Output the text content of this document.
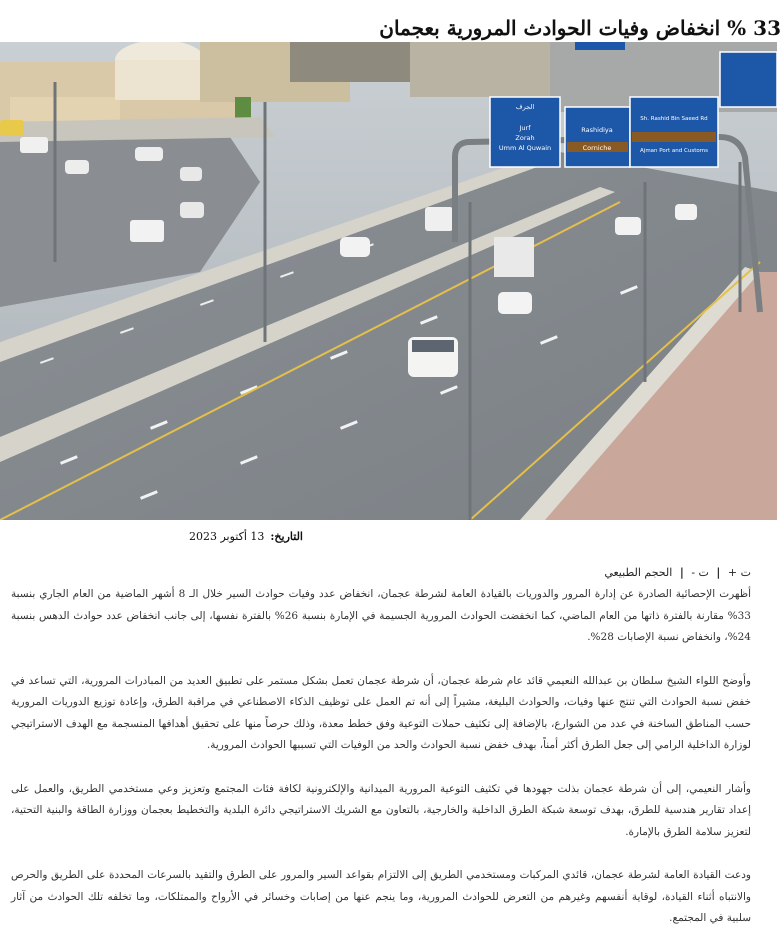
33 % انخفاض وفيات الحوادث المرورية بعجمان
الجرف
Jurf
Zorah
Umm Al Quwain
Rashidiya
Corniche
Sh. Rashid Bin Saeed Rd
Ajman Port and Customs
التاريخ:13 أكتوبر 2023
ت + | ت - | الحجم الطبيعي

أظهرت الإحصائية الصادرة عن إدارة المرور والدوريات بالقيادة العامة لشرطة عجمان، انخفاض عدد وفيات حوادث السير خلال الـ 8 أشهر الماضية من العام الجاري بنسبة 33% مقارنة بالفترة ذاتها من العام الماضي، كما انخفضت الحوادث المرورية الجسيمة في الإمارة بنسبة 26% بالفترة نفسها، إلى جانب انخفاض عدد حوادث الدهس بنسبة 24%، وانخفاض نسبة الإصابات 28%.

وأوضح اللواء الشيخ سلطان بن عبدالله النعيمي قائد عام شرطة عجمان، أن شرطة عجمان تعمل بشكل مستمر على تطبيق العديد من المبادرات المرورية، التي تساعد في خفض نسبة الحوادث التي تنتج عنها وفيات، والحوادث البليغة، مشيراً إلى أنه تم العمل على توظيف الذكاء الاصطناعي في مراقبة الطرق، وإعادة توزيع الدوريات المرورية حسب المناطق الساخنة في عدد من الشوارع، بالإضافة إلى تكثيف حملات التوعية وفق خطط معدة، وذلك حرصاً منها على تحقيق أهدافها المنسجمة مع الهدف الاستراتيجي لوزارة الداخلية الرامي إلى جعل الطرق أكثر أمناً، بهدف خفض نسبة الحوادث والحد من الوفيات التي تسببها الحوادث المرورية.

وأشار النعيمي، إلى أن شرطة عجمان بذلت جهودها في تكثيف التوعية المرورية الميدانية والإلكترونية لكافة فئات المجتمع وتعزيز وعي مستخدمي الطريق، والعمل على إعداد تقارير هندسية للطرق، بهدف توسعة شبكة الطرق الداخلية والخارجية، بالتعاون مع الشريك الاستراتيجي دائرة البلدية والتخطيط بعجمان ووزارة الطاقة والبنية التحتية، لتعزيز سلامة الطرق بالإمارة.

ودعت القيادة العامة لشرطة عجمان، قائدي المركبات ومستخدمي الطريق إلى الالتزام بقواعد السير والمرور على الطرق والتقيد بالسرعات المحددة على الطريق والحرص والانتباه أثناء القيادة، لوقاية أنفسهم وغيرهم من التعرض للحوادث المرورية، وما ينجم عنها من إصابات وخسائر في الأرواح والممتلكات، وما تخلفه تلك الحوادث من آثار سلبية في المجتمع.
